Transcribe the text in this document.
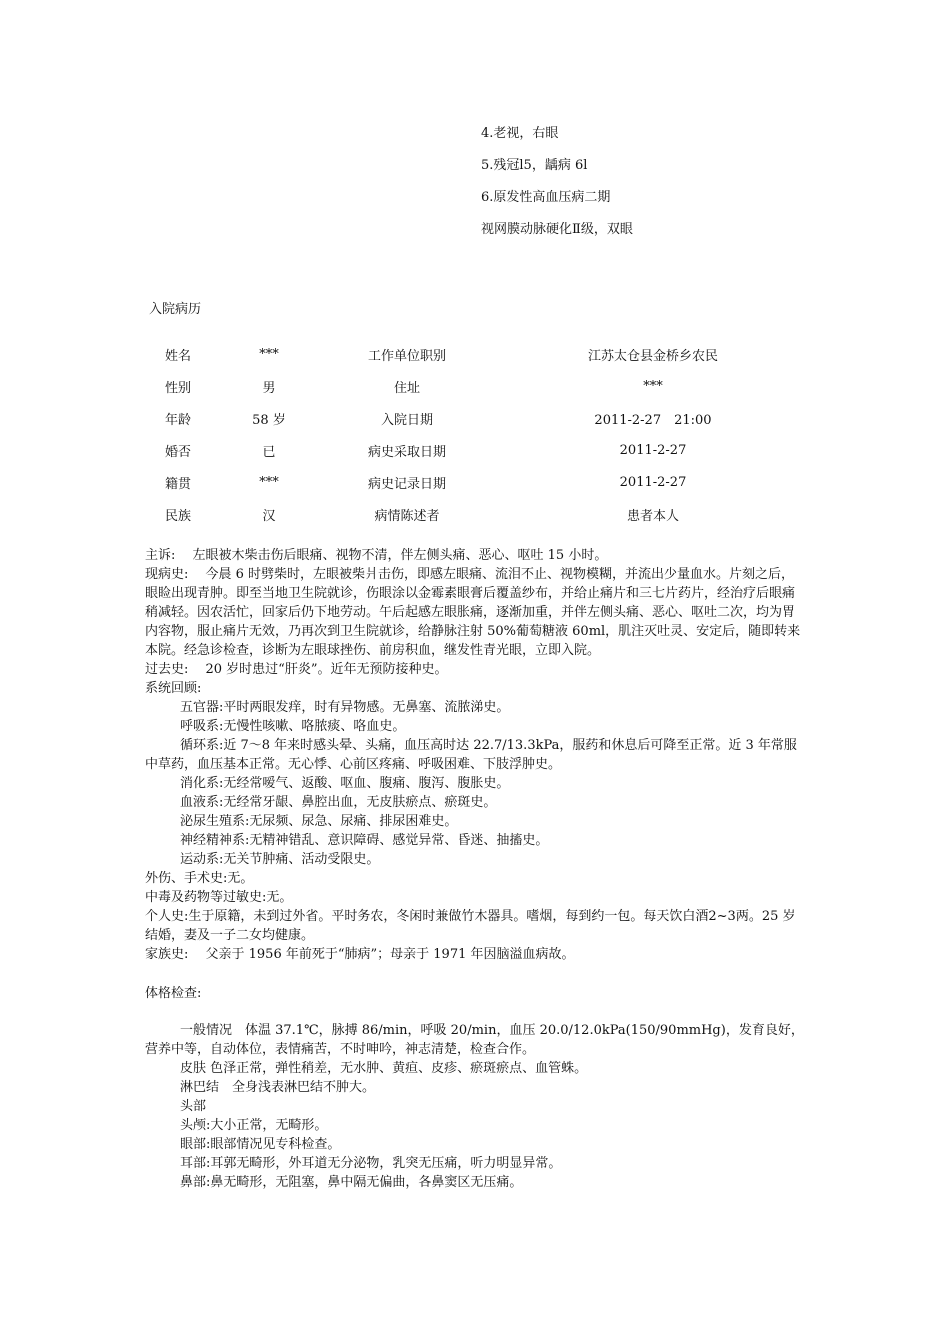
4.老视，右眼
5.残冠l5，龋病 6l
6.原发性高血压病二期
视网膜动脉硬化Ⅱ级，双眼
入院病历
姓名	***	工作单位职别	江苏太仓县金桥乡农民
性别	男	住址	***
年龄	58 岁	入院日期	2011-2-27　21:00
婚否	已	病史采取日期	2011-2-27
籍贯	***	病史记录日期	2011-2-27
民族	汉	病情陈述者	患者本人

主诉:　 左眼被木柴击伤后眼痛、视物不清，伴左侧头痛、恶心、呕吐 15 小时。

现病史:　 今晨 6 时劈柴时，左眼被柴爿击伤，即感左眼痛、流泪不止、视物模糊，并流出少量血水。片刻之后，眼睑出现青肿。即至当地卫生院就诊，伤眼涂以金霉素眼膏后覆盖纱布，并给止痛片和三七片药片，经治疗后眼痛稍减轻。因农活忙，回家后仍下地劳动。午后起感左眼胀痛，逐渐加重，并伴左侧头痛、恶心、呕吐二次，均为胃内容物，服止痛片无效，乃再次到卫生院就诊，给静脉注射 50%葡萄糖液 60ml，肌注灭吐灵、安定后，随即转来本院。经急诊检查，诊断为左眼球挫伤、前房积血，继发性青光眼，立即入院。

过去史:　 20 岁时患过“肝炎”。近年无预防接种史。

系统回顾:

五官器:平时两眼发痒，时有异物感。无鼻塞、流脓涕史。

呼吸系:无慢性咳嗽、咯脓痰、咯血史。

循环系:近 7～8 年来时感头晕、头痛，血压高时达 22.7/13.3kPa，服药和休息后可降至正常。近 3 年常服中草药，血压基本正常。无心悸、心前区疼痛、呼吸困难、下肢浮肿史。

消化系:无经常嗳气、返酸、呕血、腹痛、腹泻、腹胀史。

血液系:无经常牙龈、鼻腔出血，无皮肤瘀点、瘀斑史。

泌尿生殖系:无尿频、尿急、尿痛、排尿困难史。

神经精神系:无精神错乱、意识障碍、感觉异常、昏迷、抽搐史。

运动系:无关节肿痛、活动受限史。

外伤、手术史:无。

中毒及药物等过敏史:无。

个人史:生于原籍，未到过外省。平时务农，冬闲时兼做竹木器具。嗜烟，每到约一包。每天饮白酒2~3两。25 岁结婚，妻及一子二女均健康。

家族史:　 父亲于 1956 年前死于“肺病”；母亲于 1971 年因脑溢血病故。

体格检查:

一般情况　体温 37.1℃，脉搏 86/min，呼吸 20/min，血压 20.0/12.0kPa(150/90mmHg)，发育良好，营养中等，自动体位，表情痛苦，不时呻吟，神志清楚，检查合作。

皮肤 色泽正常，弹性稍差，无水肿、黄疸、皮疹、瘀斑瘀点、血管蛛。

淋巴结　全身浅表淋巴结不肿大。

头部

头颅:大小正常，无畸形。

眼部:眼部情况见专科检查。

耳部:耳郭无畸形，外耳道无分泌物，乳突无压痛，听力明显异常。

鼻部:鼻无畸形，无阻塞，鼻中隔无偏曲，各鼻窦区无压痛。
